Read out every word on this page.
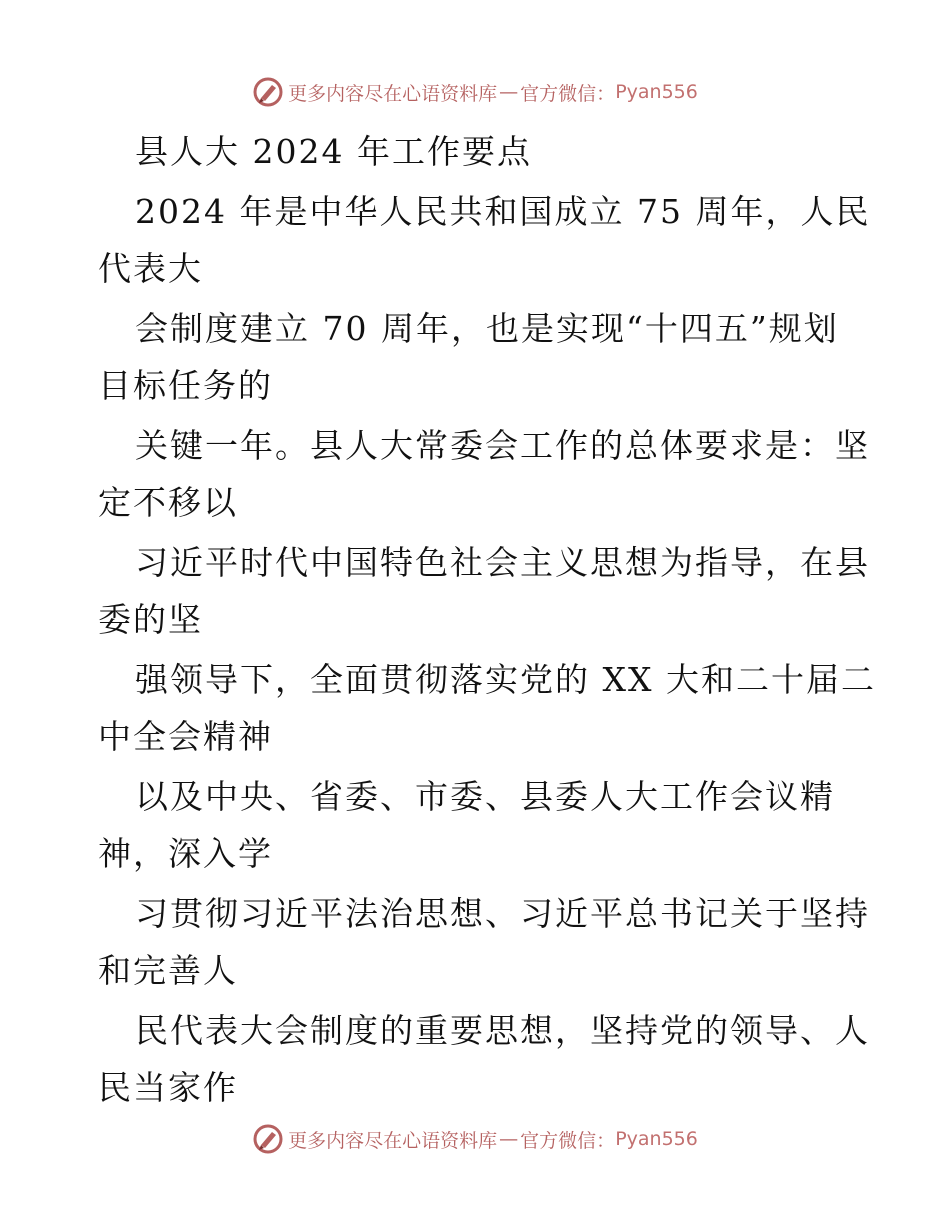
更多内容尽在心语资料库 — 官方微信： Pyan556
县人大 2024 年工作要点
2024 年是中华人民共和国成立 75 周年，人民
代表大
会制度建立 70 周年，也是实现“十四五”规划
目标任务的
关键一年。县人大常委会工作的总体要求是：坚
定不移以
习近平时代中国特色社会主义思想为指导，在县
委的坚
强领导下，全面贯彻落实党的 XX 大和二十届二
中全会精神
以及中央、省委、市委、县委人大工作会议精
神，深入学
习贯彻习近平法治思想、习近平总书记关于坚持
和完善人
民代表大会制度的重要思想，坚持党的领导、人
民当家作
更多内容尽在心语资料库 — 官方微信： Pyan556
